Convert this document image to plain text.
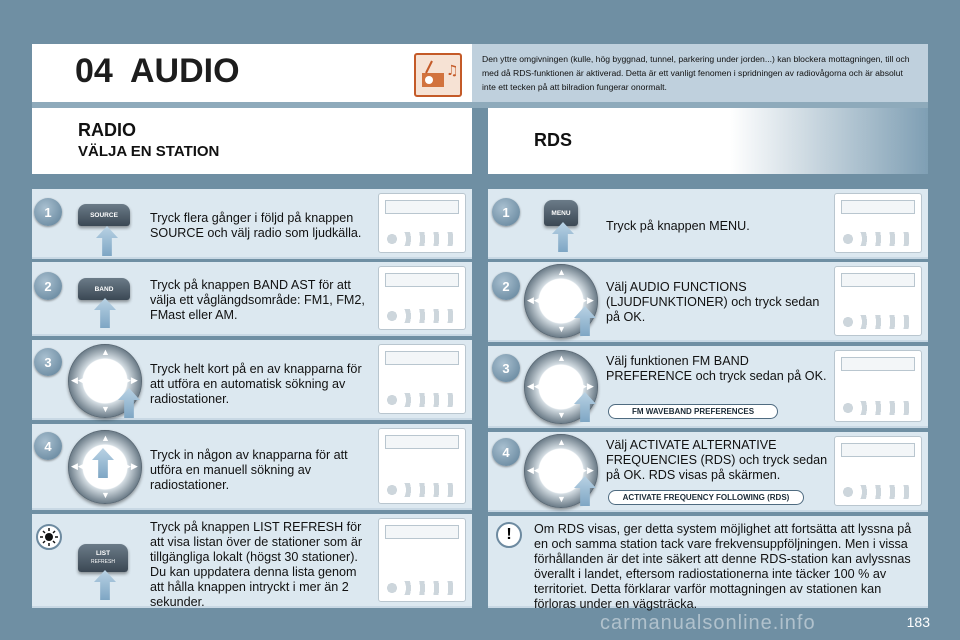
04 AUDIO	♫

Den yttre omgivningen (kulle, hög byggnad, tunnel, parkering under jorden...) kan blockera mottagningen, till och med då RDS-funktionen är aktiverad. Detta är ett vanligt fenomen i spridningen av radiovågorna och är absolut inte ett tecken på att bilradion fungerar onormalt.

RADIO
VÄLJA EN STATION
RDS
Tryck flera gånger i följd på knappen SOURCE och välj radio som ljudkälla.
1	SOURCE
Tryck på knappen BAND AST för att välja ett våglängdsområde: FM1, FM2, FMast eller AM.
2	BAND
Tryck helt kort på en av knapparna för att utföra en automatisk sökning av radiostationer.
3
▲
▼
◀◀	▶▶
Tryck in någon av knapparna för att utföra en manuell sökning av radiostationer.
4
▲
▼
◀◀	▶▶
Tryck på knappen LIST REFRESH för att visa listan över de stationer som är tillgängliga lokalt (högst 30 stationer). Du kan uppdatera denna lista genom att hålla knappen intryckt i mer än 2 sekunder.
LIST
REFRESH
Tryck på knappen MENU.
1	MENU
Välj AUDIO FUNCTIONS (LJUDFUNKTIONER) och tryck sedan på OK.
2
▲
▼
◀◀	▶▶
Välj funktionen FM BAND PREFERENCE och tryck sedan på OK.
FM WAVEBAND PREFERENCES
3
▲
▼
◀◀	▶▶
Välj ACTIVATE ALTERNATIVE FREQUENCIES (RDS) och tryck sedan på OK. RDS visas på skärmen.
ACTIVATE FREQUENCY FOLLOWING (RDS)
4
▲
▼
◀◀	▶▶
Om RDS visas, ger detta system möjlighet att fortsätta att lyssna på en och samma station tack vare frekvensuppföljningen. Men i vissa förhållanden är det inte säkert att denne RDS-station kan avlyssnas överallt i landet, eftersom radiostationerna inte täcker 100 % av territoriet. Detta förklarar varför mottagningen av stationen kan förloras under en vägsträcka.
!
carmanualsonline.info	183
